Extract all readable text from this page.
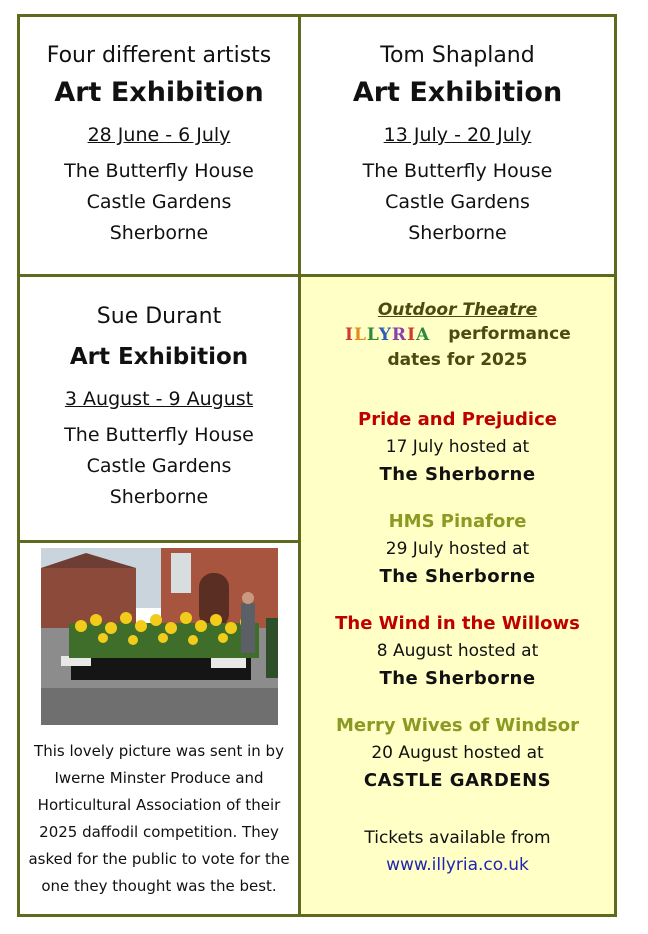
Four different artists
Art Exhibition
28 June - 6 July
The Butterfly House
Castle Gardens
Sherborne
Tom Shapland
Art Exhibition
13 July - 20 July
The Butterfly House
Castle Gardens
Sherborne
Sue Durant
Art Exhibition
3 August - 9 August
The Butterfly House
Castle Gardens
Sherborne
This lovely picture was sent in by Iwerne Minster Produce and Horticultural Association of their 2025 daffodil competition. They asked for the public to vote for the one they thought was the best.
Outdoor Theatre
ILLYRIA performance
dates for 2025
Pride and Prejudice
17 July hosted at
The Sherborne
HMS Pinafore
29 July hosted at
The Sherborne
The Wind in the Willows
8 August hosted at
The Sherborne
Merry Wives of Windsor
20 August hosted at
CASTLE GARDENS
Tickets available from
www.illyria.co.uk
